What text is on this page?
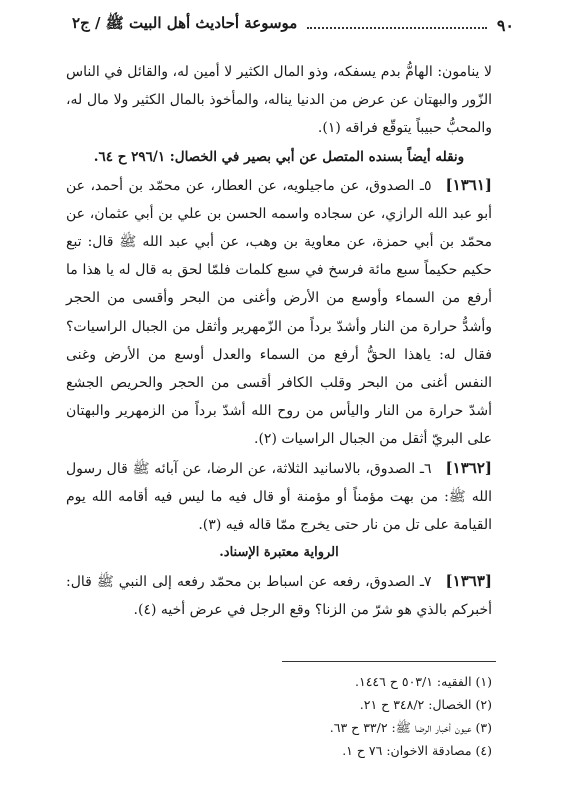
٩٠
موسوعة أحاديث أهل البيت ﷺ / ج٢

لا ينامون: الهامُّ بدم يسفكه، وذو المال الكثير لا أمين له، والقائل في الناس الزّور والبهتان عن عرض من الدنيا يناله، والمأخوذ بالمال الكثير ولا مال له، والمحبُّ حبيباً يتوقّع فراقه (١).

ونقله أيضاً بسنده المتصل عن أبي بصير في الخصال: ٢٩٦/١ ح ٦٤.

[١٣٦١]٥ـ الصدوق، عن ماجيلويه، عن العطار، عن محمّد بن أحمد، عن أبو عبد الله الرازي، عن سجاده واسمه الحسن بن علي بن أبي عثمان، عن محمّد بن أبي حمزة، عن معاوية بن وهب، عن أبي عبد الله ﷺ قال: تبع حكيم حكيماً سبع مائة فرسخ في سبع كلمات فلمّا لحق به قال له يا هذا ما أرفع من السماء وأوسع من الأرض وأغنى من البحر وأقسى من الحجر وأشدُّ حرارة من النار وأشدّ برداً من الزّمهرير وأثقل من الجبال الراسيات؟ فقال له: ياهذا الحقُّ أرفع من السماء والعدل أوسع من الأرض وغنى النفس أغنى من البحر وقلب الكافر أقسى من الحجر والحريص الجشع أشدّ حرارة من النار واليأس من روح الله أشدّ برداً من الزمهرير والبهتان على البريّ أثقل من الجبال الراسيات (٢).

[١٣٦٢]٦ـ الصدوق، بالاسانيد الثلاثة، عن الرضا، عن آبائه ﷺ قال رسول الله ﷺ: من بهت مؤمناً أو مؤمنة أو قال فيه ما ليس فيه أقامه الله يوم القيامة على تل من نار حتى يخرج ممّا قاله فيه (٣).

الرواية معتبرة الإسناد.

[١٣٦٣]٧ـ الصدوق، رفعه عن اسباط بن محمّد رفعه إلى النبي ﷺ قال: أخبركم بالذي هو شرّ من الزنا؟ وقع الرجل في عرض أخيه (٤).

(١) الفقيه: ٥٠٣/١ ح ١٤٤٦.

(٢) الخصال: ٣٤٨/٢ ح ٢١.

(٣) عيون أخبار الرضا ﷺ: ٣٣/٢ ح ٦٣.

(٤) مصادقة الاخوان: ٧٦ ح ١.
